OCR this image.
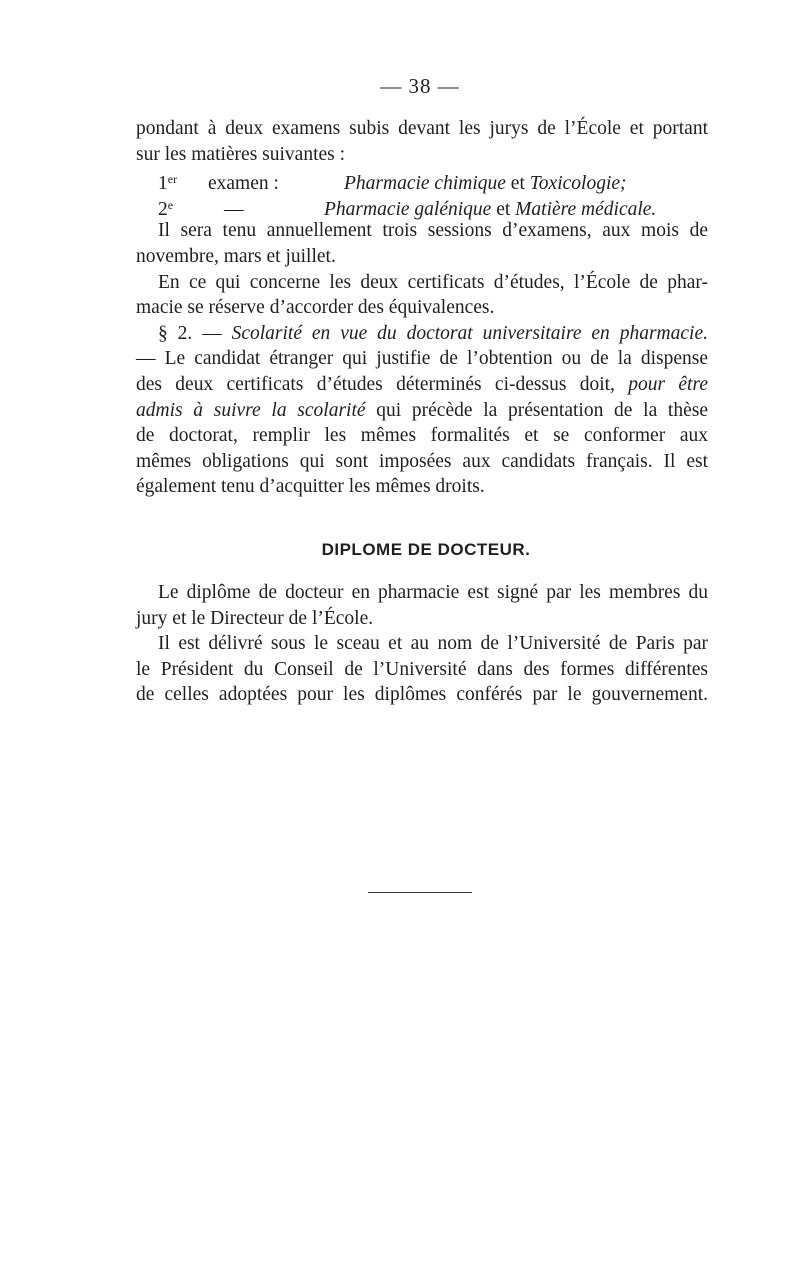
— 38 —
pondant à deux examens subis devant les jurys de l’École et portant
sur les matières suivantes :
1er examen :	Pharmacie chimique et Toxicologie;
2e	—	Pharmacie galénique et Matière médicale.
Il sera tenu annuellement trois sessions d’examens, aux mois de
novembre, mars et juillet.
En ce qui concerne les deux certificats d’études, l’École de phar-
macie se réserve d’accorder des équivalences.
§ 2. — Scolarité en vue du doctorat universitaire en pharmacie.
— Le candidat étranger qui justifie de l’obtention ou de la dispense
des deux certificats d’études déterminés ci-dessus doit, pour être
admis à suivre la scolarité qui précède la présentation de la thèse
de doctorat, remplir les mêmes formalités et se conformer aux
mêmes obligations qui sont imposées aux candidats français. Il est
également tenu d’acquitter les mêmes droits.
DIPLOME DE DOCTEUR.
Le diplôme de docteur en pharmacie est signé par les membres du
jury et le Directeur de l’École.
Il est délivré sous le sceau et au nom de l’Université de Paris par
le Président du Conseil de l’Université dans des formes différentes
de celles adoptées pour les diplômes conférés par le gouvernement.
